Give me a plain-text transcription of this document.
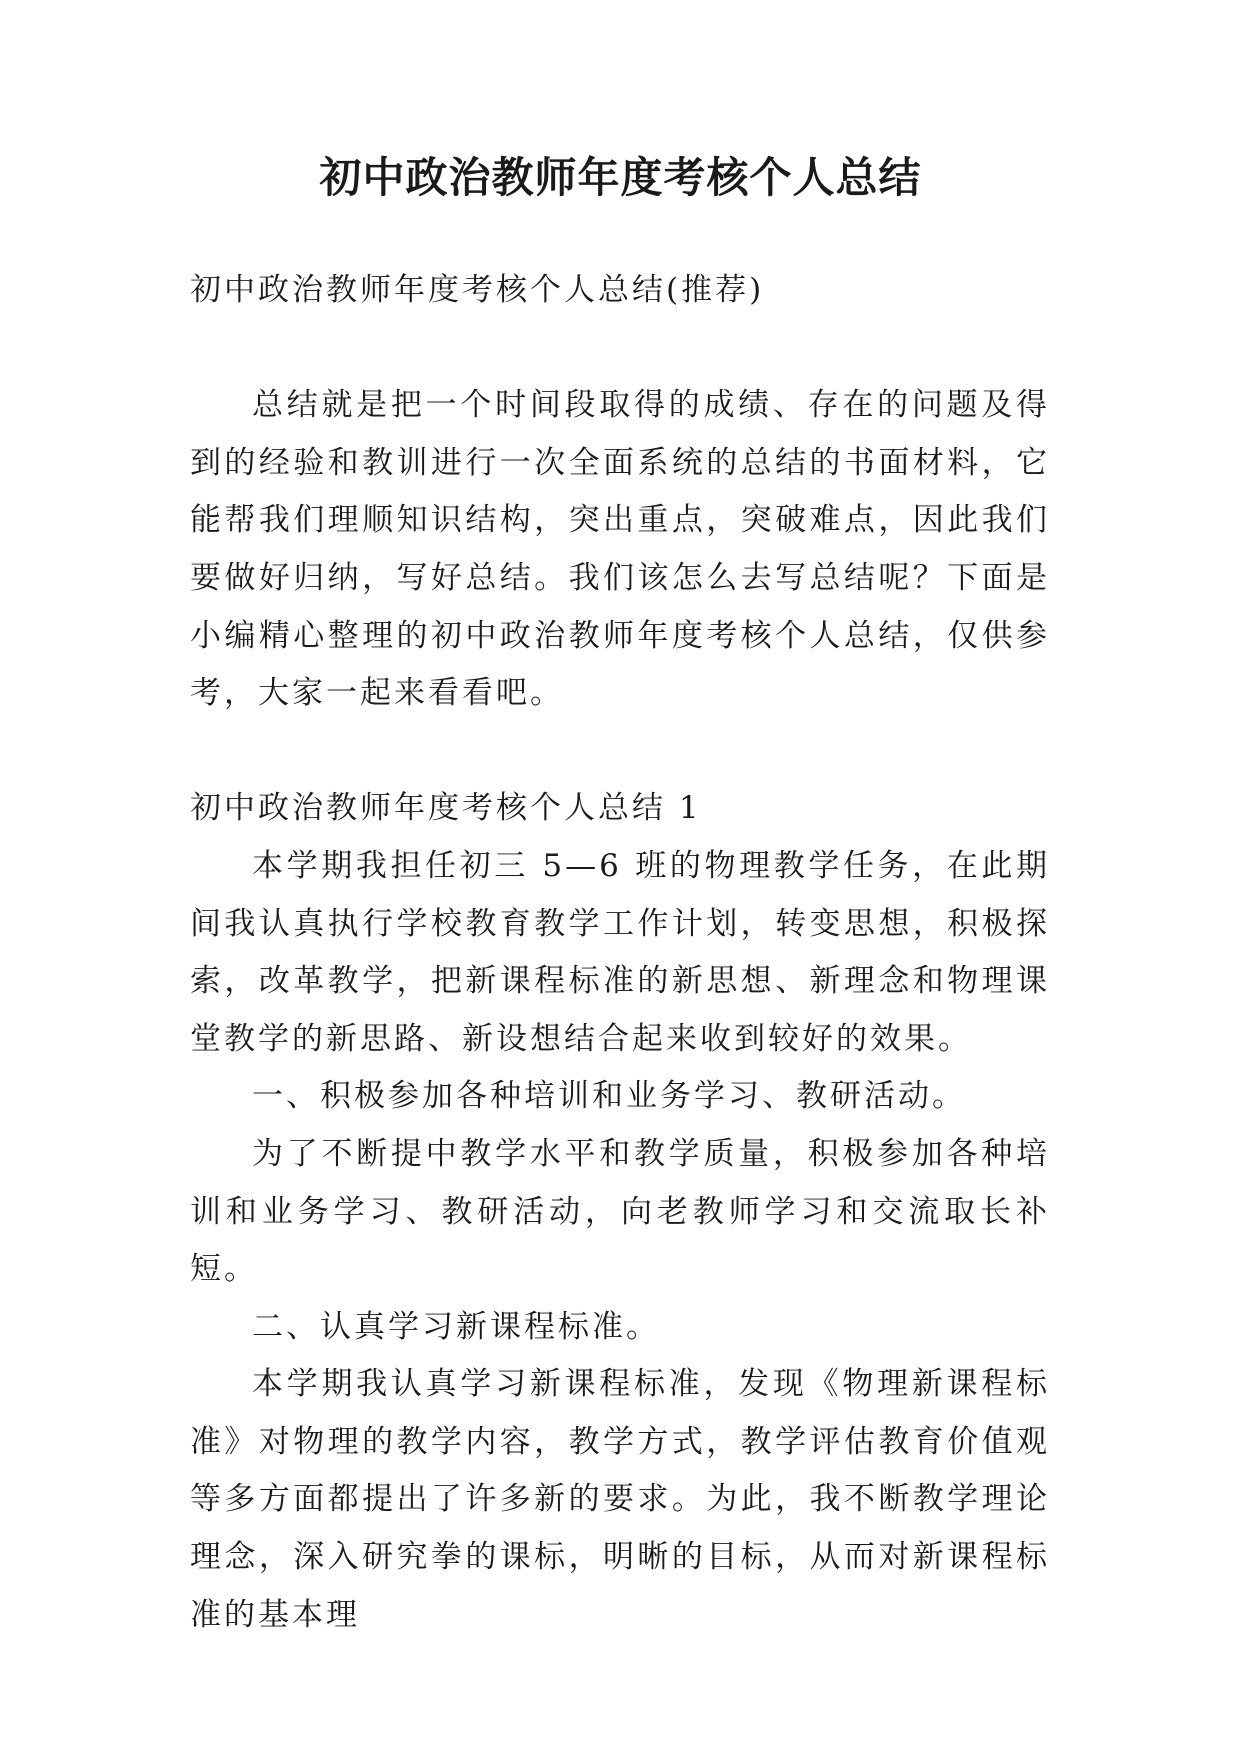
初中政治教师年度考核个人总结

初中政治教师年度考核个人总结(推荐)

总结就是把一个时间段取得的成绩、存在的问题及得到的经验和教训进行一次全面系统的总结的书面材料，它能帮我们理顺知识结构，突出重点，突破难点，因此我们要做好归纳，写好总结。我们该怎么去写总结呢？下面是小编精心整理的初中政治教师年度考核个人总结，仅供参考，大家一起来看看吧。

初中政治教师年度考核个人总结 1

本学期我担任初三 5—6 班的物理教学任务，在此期间我认真执行学校教育教学工作计划，转变思想，积极探索，改革教学，把新课程标准的新思想、新理念和物理课堂教学的新思路、新设想结合起来收到较好的效果。

一、积极参加各种培训和业务学习、教研活动。

为了不断提中教学水平和教学质量，积极参加各种培训和业务学习、教研活动，向老教师学习和交流取长补短。

二、认真学习新课程标准。

本学期我认真学习新课程标准，发现《物理新课程标准》对物理的教学内容，教学方式，教学评估教育价值观等多方面都提出了许多新的要求。为此，我不断教学理论理念，深入研究拳的课标，明晰的目标，从而对新课程标准的基本理
